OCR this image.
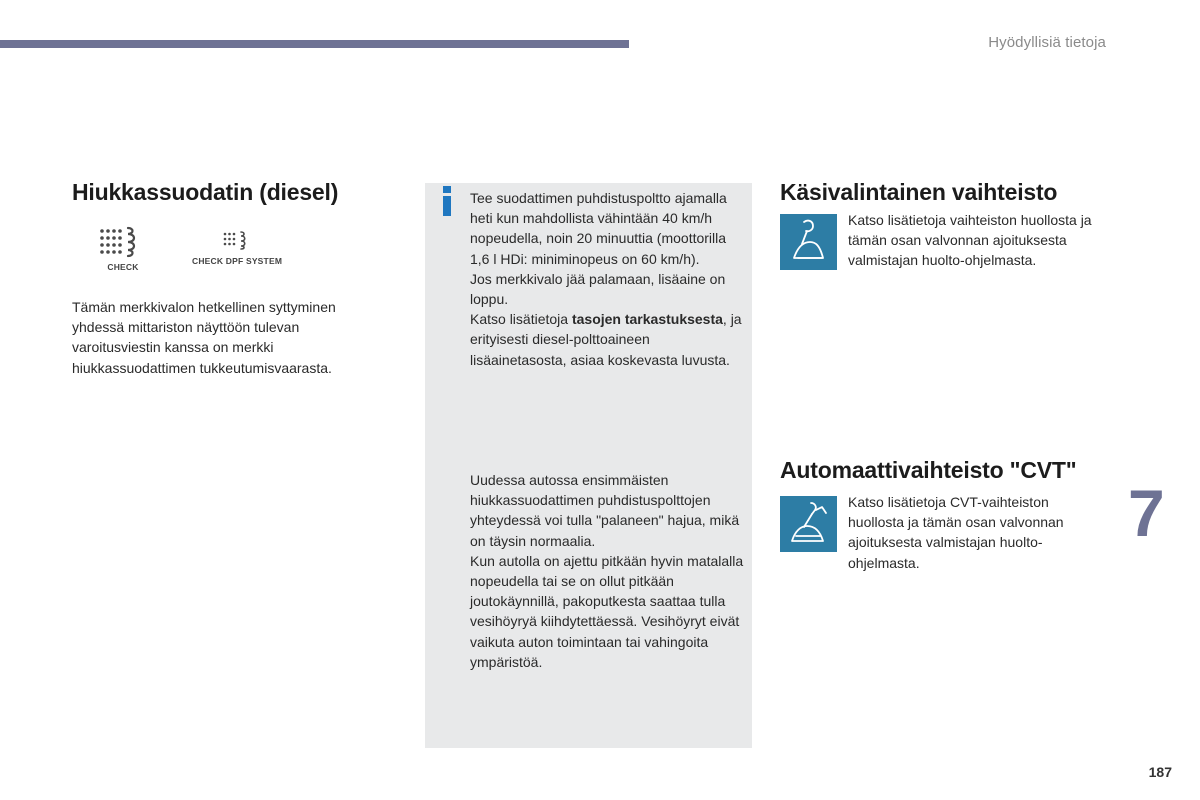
Hyödyllisiä tietoja
Hiukkassuodatin (diesel)
CHECK
CHECK DPF SYSTEM
Tämän merkkivalon hetkellinen syttyminen yhdessä mittariston näyttöön tulevan varoitusviestin kanssa on merkki hiukkassuodattimen tukkeutumisvaarasta.

Tee suodattimen puhdistuspoltto ajamalla heti kun mahdollista vähintään 40 km/h nopeudella, noin 20 minuuttia (moottorilla 1,6 l HDi: miniminopeus on 60 km/h).

Jos merkkivalo jää palamaan, lisäaine on loppu.

Katso lisätietoja tasojen tarkastuksesta, ja erityisesti diesel-polttoaineen lisäainetasosta, asiaa koskevasta luvusta.

Uudessa autossa ensimmäisten hiukkassuodattimen puhdistuspolttojen yhteydessä voi tulla "palaneen" hajua, mikä on täysin normaalia.

Kun autolla on ajettu pitkään hyvin matalalla nopeudella tai se on ollut pitkään joutokäynnillä, pakoputkesta saattaa tulla vesihöyryä kiihdytettäessä. Vesihöyryt eivät vaikuta auton toimintaan tai vahingoita ympäristöä.

Käsivalintainen vaihteisto
Katso lisätietoja vaihteiston huollosta ja tämän osan valvonnan ajoituksesta valmistajan huolto-ohjelmasta.
Automaattivaihteisto "CVT"
Katso lisätietoja CVT-vaihteiston huollosta ja tämän osan valvonnan ajoituksesta valmistajan huolto-ohjelmasta.
7
187
